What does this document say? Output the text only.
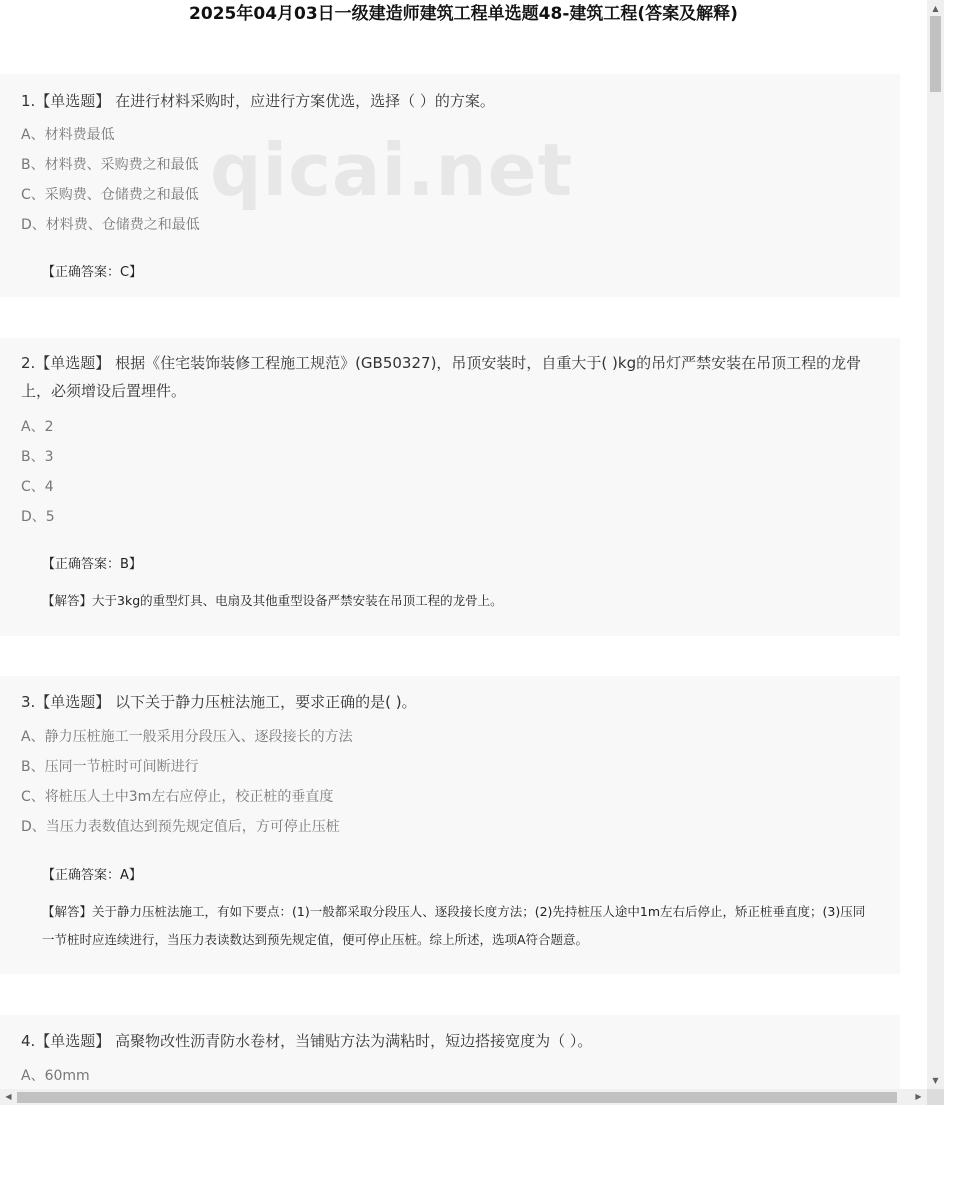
2025年04月03日一级建造师建筑工程单选题48-建筑工程(答案及解释)
1.【单选题】 在进行材料采购时，应进行方案优选，选择（ ）的方案。
A、材料费最低
B、材料费、采购费之和最低
C、采购费、仓储费之和最低
D、材料费、仓储费之和最低
【正确答案：C】
2.【单选题】 根据《住宅装饰装修工程施工规范》(GB50327)，吊顶安装时，自重大于( )kg的吊灯严禁安装在吊顶工程的龙骨上，必须增设后置埋件。
A、2
B、3
C、4
D、5
【正确答案：B】
【解答】大于3kg的重型灯具、电扇及其他重型设备严禁安装在吊顶工程的龙骨上。
3.【单选题】 以下关于静力压桩法施工，要求正确的是( )。
A、静力压桩施工一般采用分段压入、逐段接长的方法
B、压同一节桩时可间断进行
C、将桩压人土中3m左右应停止，校正桩的垂直度
D、当压力表数值达到预先规定值后，方可停止压桩
【正确答案：A】
【解答】关于静力压桩法施工，有如下要点：(1)一般都采取分段压人、逐段接长度方法；(2)先持桩压人途中1m左右后停止，矫正桩垂直度；(3)压同一节桩时应连续进行，当压力表读数达到预先规定值，便可停止压桩。综上所述，选项A符合题意。
4.【单选题】 高聚物改性沥青防水卷材，当铺贴方法为满粘时，短边搭接宽度为（ ）。
A、60mm
qicai.net
▲
▼
◀	▶
